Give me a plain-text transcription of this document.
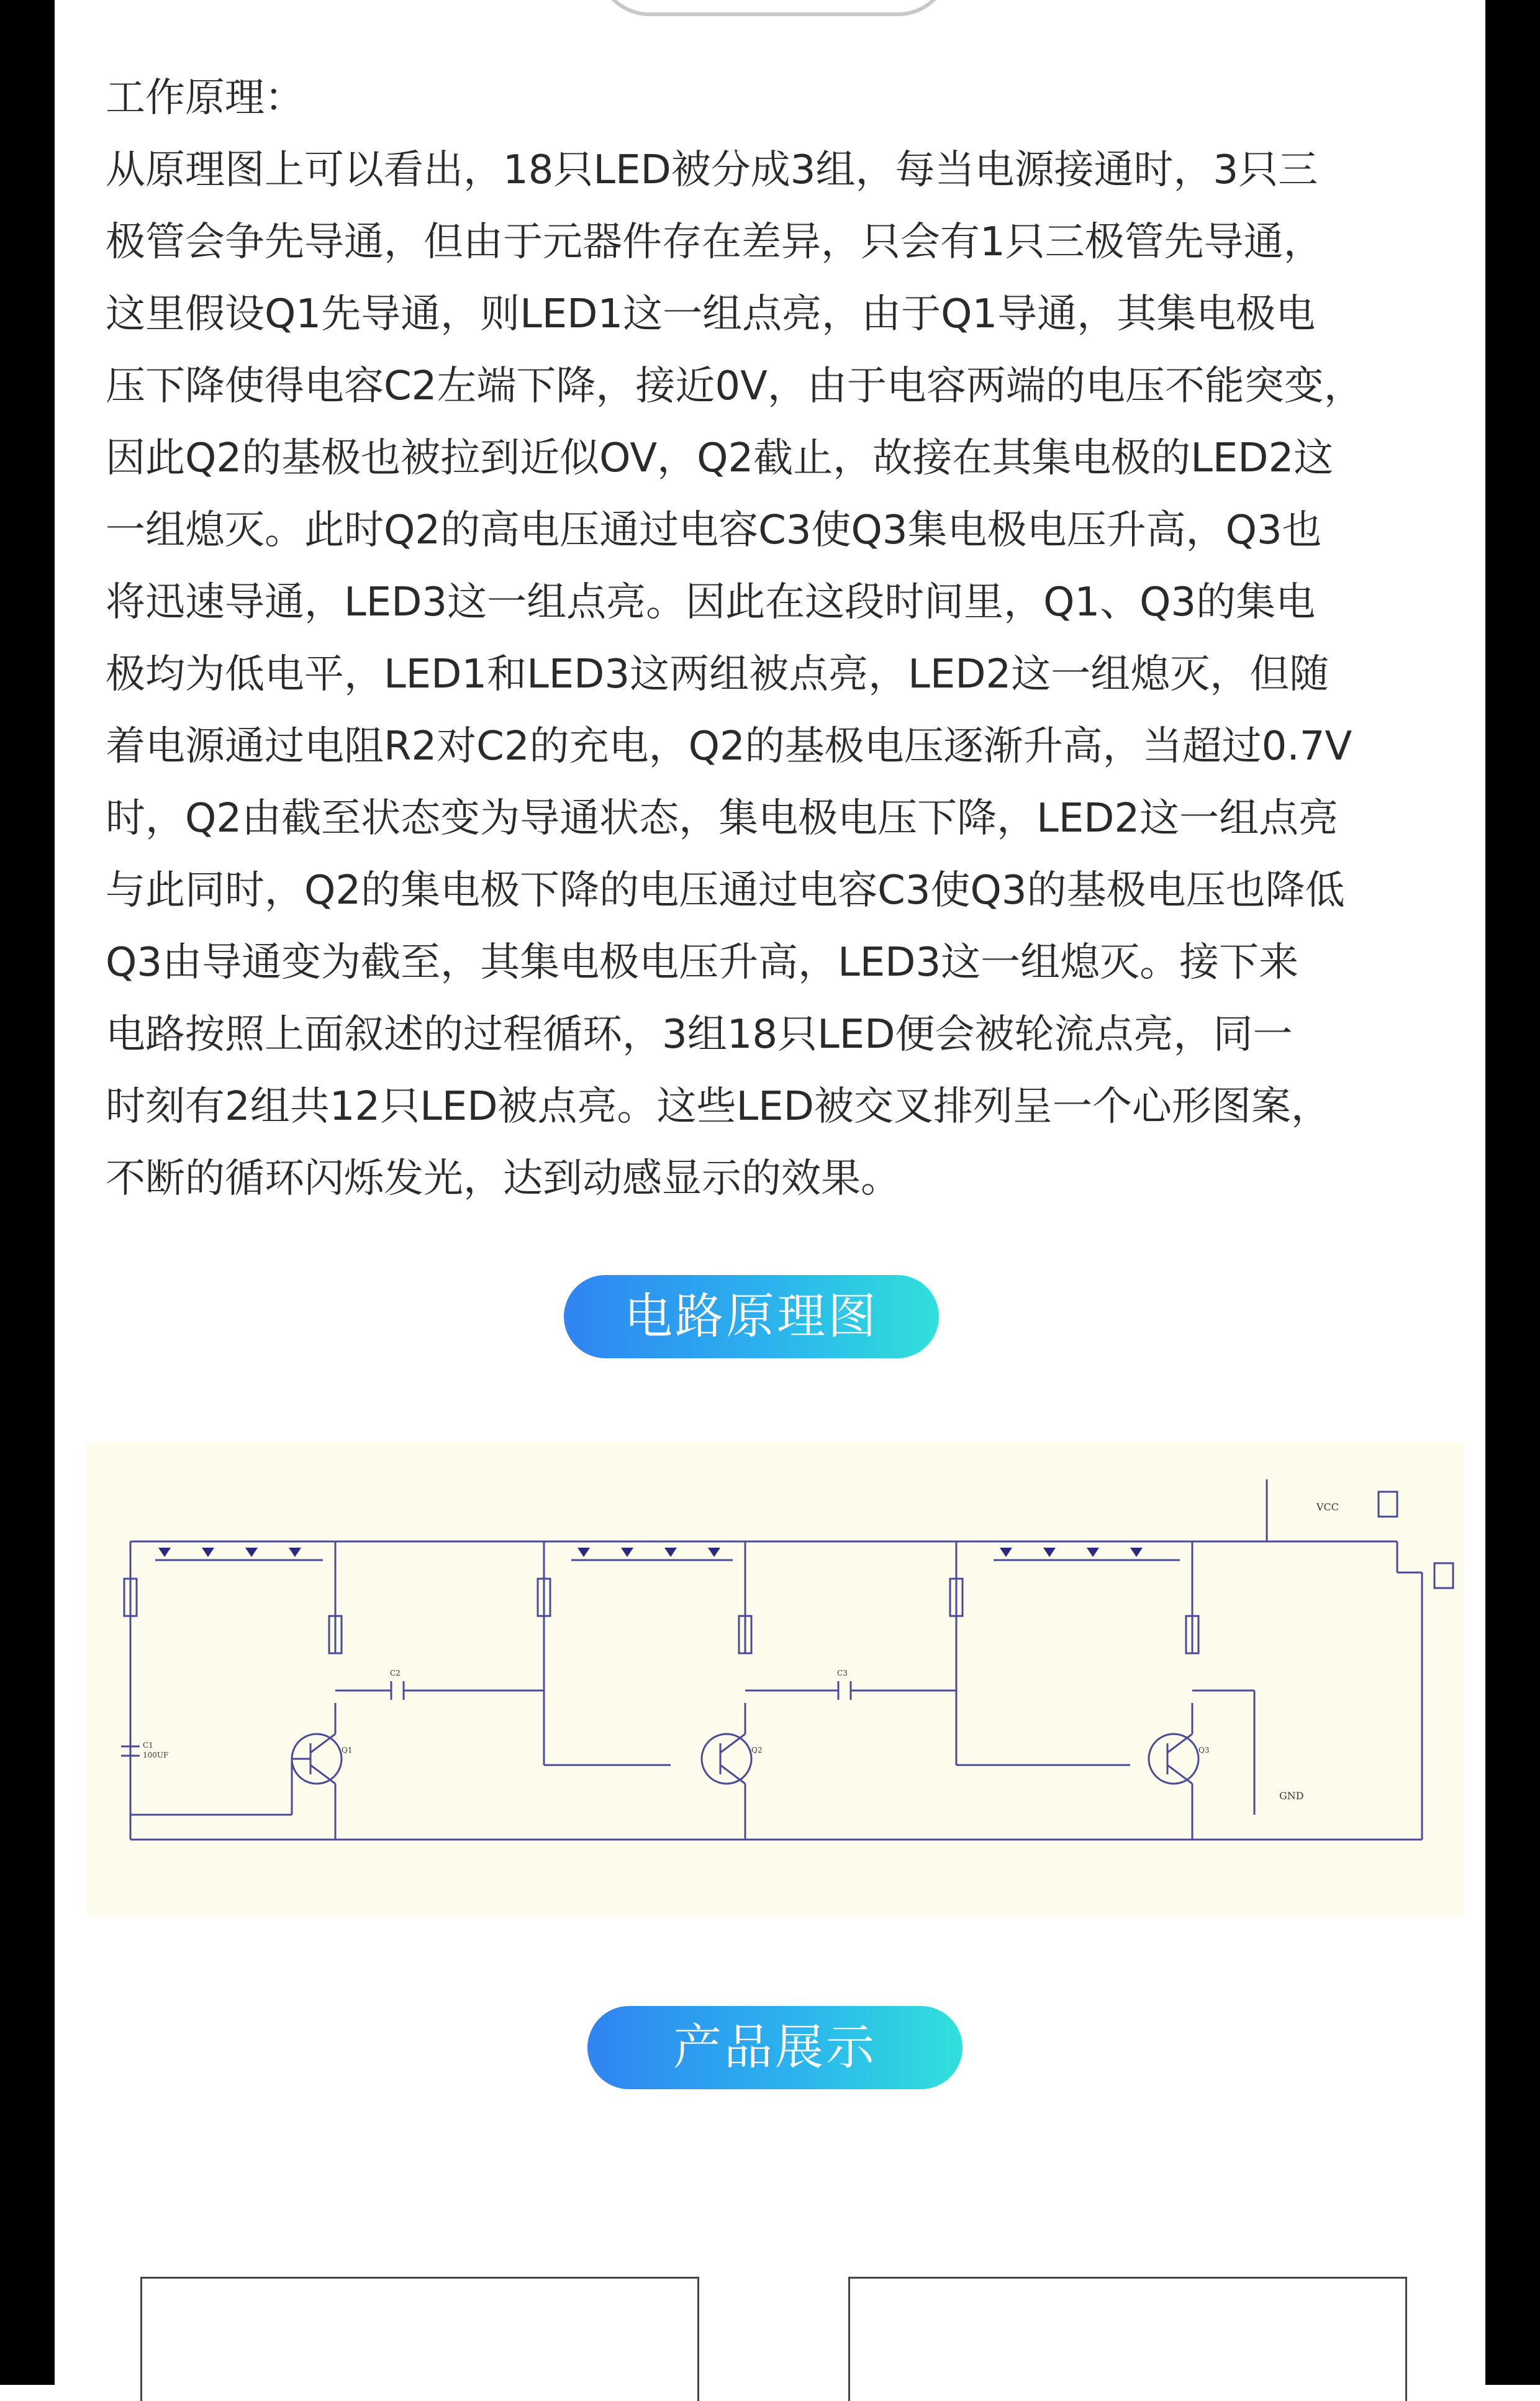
工作原理：

从原理图上可以看出，18只LED被分成3组，每当电源接通时，3只三

极管会争先导通，但由于元器件存在差异，只会有1只三极管先导通，

这里假设Q1先导通，则LED1这一组点亮，由于Q1导通，其集电极电

压下降使得电容C2左端下降，接近0V，由于电容两端的电压不能突变，

因此Q2的基极也被拉到近似OV，Q2截止，故接在其集电极的LED2这

一组熄灭。此时Q2的高电压通过电容C3使Q3集电极电压升高，Q3也

将迅速导通，LED3这一组点亮。因此在这段时间里，Q1、Q3的集电

极均为低电平，LED1和LED3这两组被点亮，LED2这一组熄灭，但随

着电源通过电阻R2对C2的充电，Q2的基极电压逐渐升高，当超过0.7V

时，Q2由截至状态变为导通状态，集电极电压下降，LED2这一组点亮

与此同时，Q2的集电极下降的电压通过电容C3使Q3的基极电压也降低

Q3由导通变为截至，其集电极电压升高，LED3这一组熄灭。接下来

电路按照上面叙述的过程循环，3组18只LED便会被轮流点亮，同一

时刻有2组共12只LED被点亮。这些LED被交叉排列呈一个心形图案，

不断的循环闪烁发光，达到动感显示的效果。

电路原理图
VCC
GND
C1
100UF
C2	C3
Q1	Q2	Q3
产品展示
